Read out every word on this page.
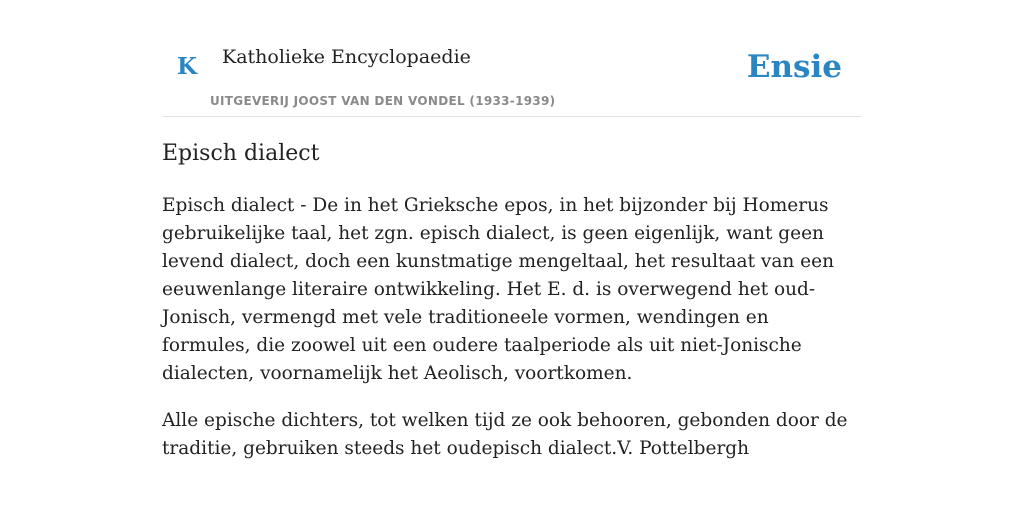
K Katholieke Encyclopaedie	Ensie
UITGEVERIJ JOOST VAN DEN VONDEL (1933-1939)
Episch dialect

Episch dialect - De in het Grieksche epos, in het bijzonder bij Homerus gebruikelijke taal, het zgn. episch dialect, is geen eigenlijk, want geen levend dialect, doch een kunstmatige mengeltaal, het resultaat van een eeuwenlange literaire ontwikkeling. Het E. d. is overwegend het oud-Jonisch, vermengd met vele traditioneele vormen, wendingen en formules, die zoowel uit een oudere taalperiode als uit niet-Jonische dialecten, voornamelijk het Aeolisch, voortkomen.

Alle epische dichters, tot welken tijd ze ook behooren, gebonden door de traditie, gebruiken steeds het oudepisch dialect.V. Pottelbergh
